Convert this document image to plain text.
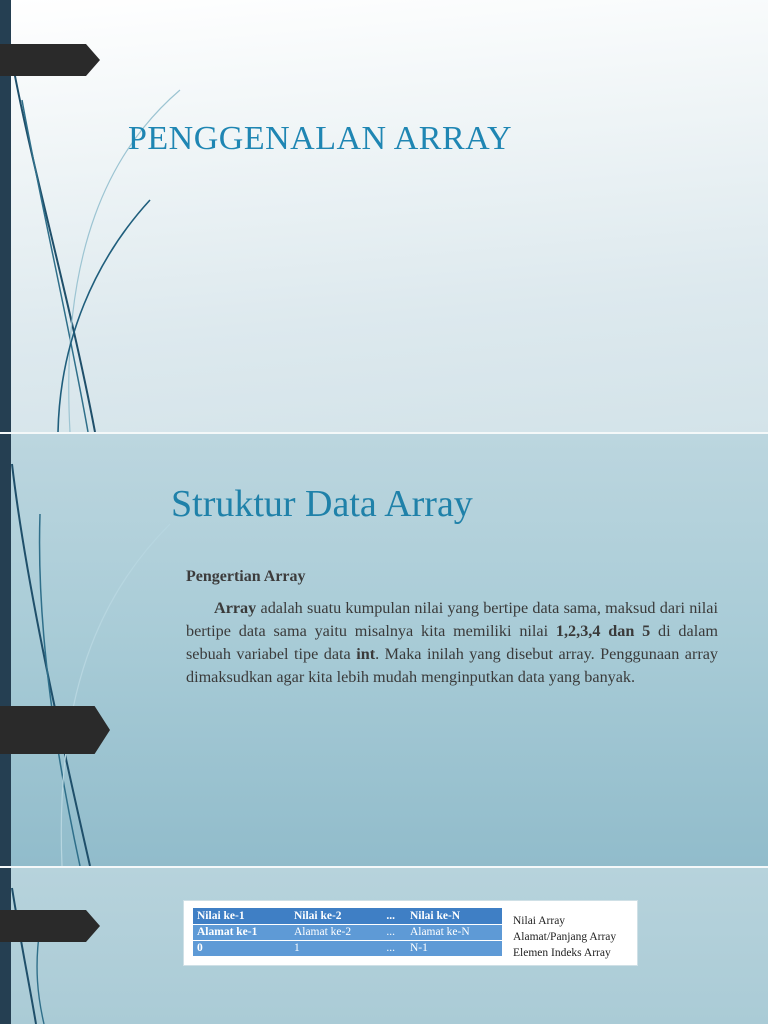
PENGGENALAN ARRAY
Struktur Data Array
Pengertian Array

Array adalah suatu kumpulan nilai yang bertipe data sama, maksud dari nilai bertipe data sama yaitu misalnya kita memiliki nilai 1,2,3,4 dan 5 di dalam sebuah variabel tipe data int. Maka inilah yang disebut array. Penggunaan array dimaksudkan agar kita lebih mudah menginputkan data yang banyak.

Nilai ke-1	Nilai ke-2	...	Nilai ke-N
Alamat ke-1	Alamat ke-2	...	Alamat ke-N
0	1	...	N-1
Nilai Array
Alamat/Panjang Array
Elemen Indeks Array
